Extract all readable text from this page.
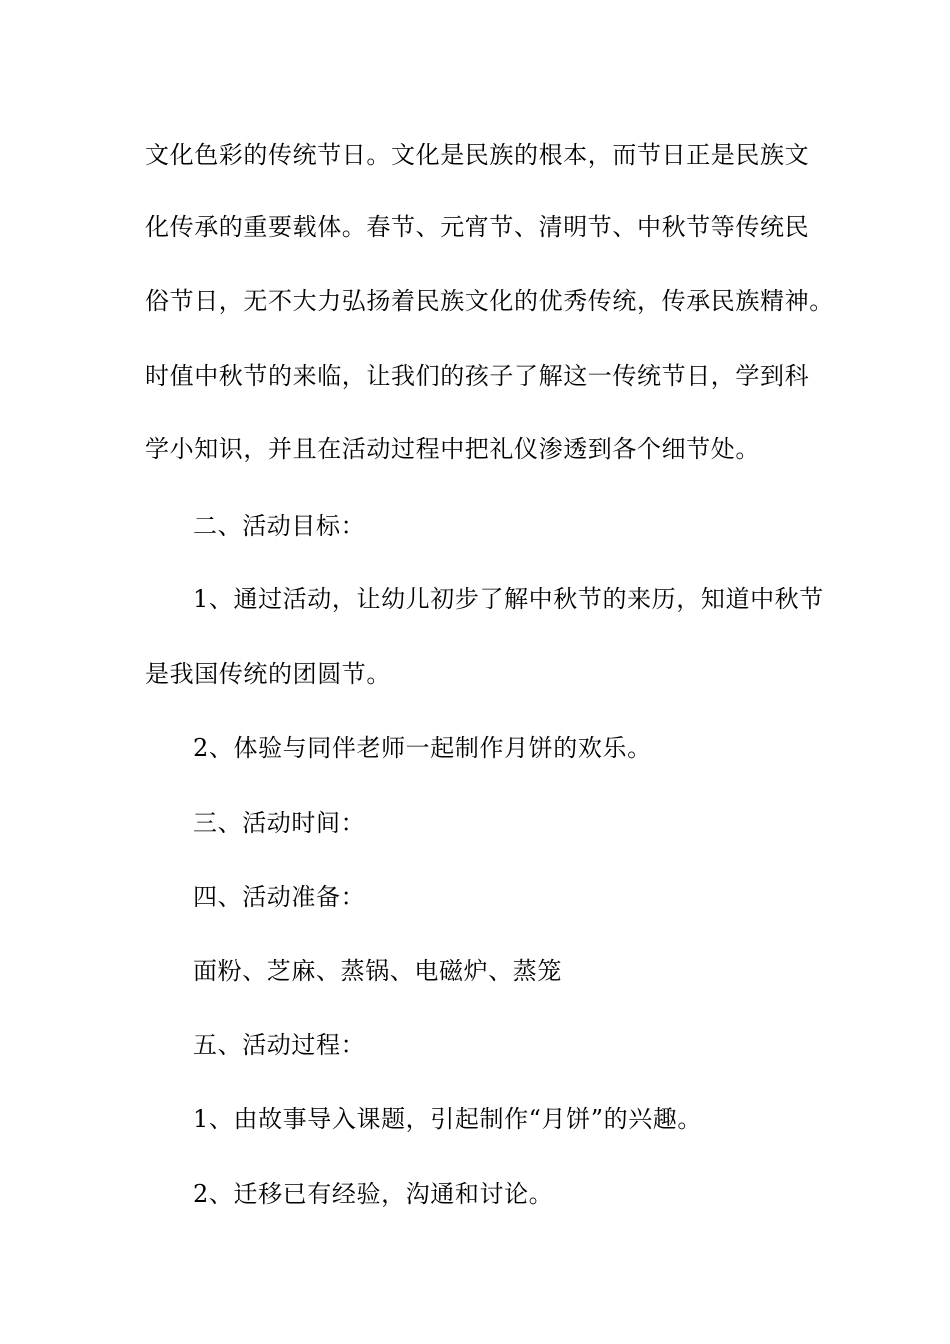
文化色彩的传统节日。文化是民族的根本，而节日正是民族文
化传承的重要载体。春节、元宵节、清明节、中秋节等传统民
俗节日，无不大力弘扬着民族文化的优秀传统，传承民族精神。
时值中秋节的来临，让我们的孩子了解这一传统节日，学到科
学小知识，并且在活动过程中把礼仪渗透到各个细节处。
二、活动目标：
1、通过活动，让幼儿初步了解中秋节的来历，知道中秋节
是我国传统的团圆节。
2、体验与同伴老师一起制作月饼的欢乐。
三、活动时间：
四、活动准备：
面粉、芝麻、蒸锅、电磁炉、蒸笼
五、活动过程：
1、由故事导入课题，引起制作“月饼”的兴趣。
2、迁移已有经验，沟通和讨论。
